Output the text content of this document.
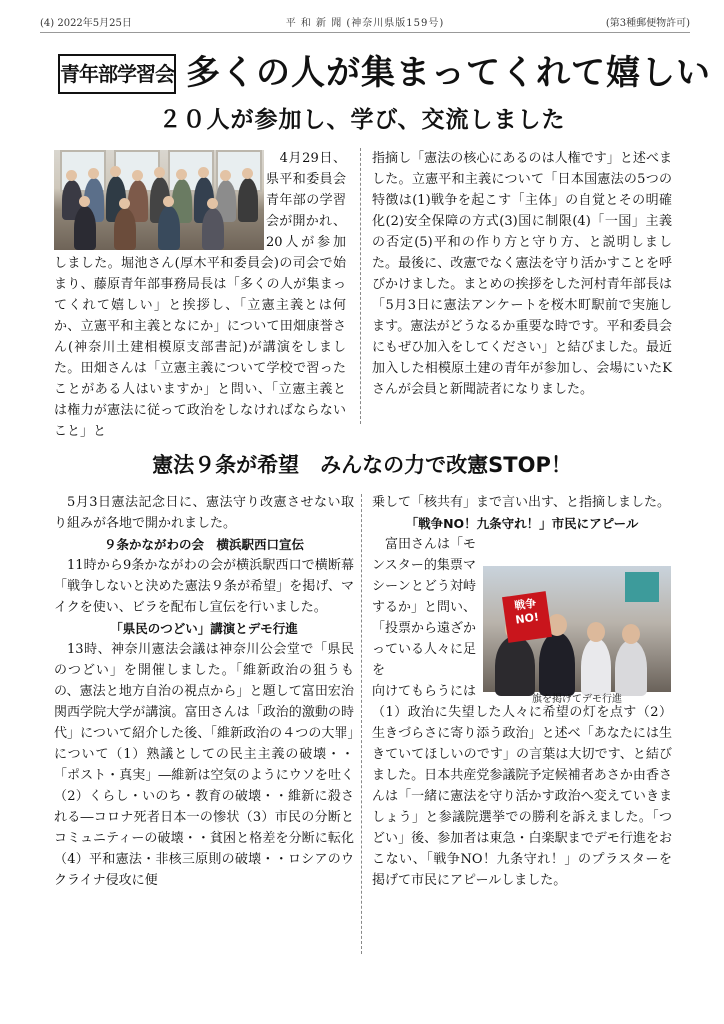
(4) 2022年5月25日	平 和 新 聞 (神奈川県版159号)	(第3種郵便物許可)
青年部学習会 多くの人が集まってくれて嬉しい
２０人が参加し、学び、交流しました

　4月29日、県平和委員会青年部の学習会が開かれ、20人が参加しました。堀池さん(厚木平和委員会)の司会で始まり、藤原青年部事務局長は「多くの人が集まってくれて嬉しい」と挨拶し、「立憲主義とは何か、立憲平和主義となにか」について田畑康誉さん(神奈川土建相模原支部書記)が講演をしました。田畑さんは「立憲主義について学校で習ったことがある人はいますか」と問い、「立憲主義とは権力が憲法に従って政治をしなければならないこと」と

指摘し「憲法の核心にあるのは人権です」と述べました。立憲平和主義について「日本国憲法の5つの特徴は(1)戦争を起こす「主体」の自覚とその明確化(2)安全保障の方式(3)国に制限(4)「一国」主義の否定(5)平和の作り方と守り方、と説明しました。最後に、改憲でなく憲法を守り活かすことを呼びかけました。まとめの挨拶をした河村青年部長は「5月3日に憲法アンケートを桜木町駅前で実施します。憲法がどうなるか重要な時です。平和委員会にもぜひ加入をしてください」と結びました。最近加入した相模原土建の青年が参加し、会場にいたKさんが会員と新聞読者になりました。

憲法９条が希望　みんなの力で改憲STOP！

5月3日憲法記念日に、憲法守り改憲させない取り組みが各地で開かれました。

９条かながわの会　横浜駅西口宣伝

11時から9条かながわの会が横浜駅西口で横断幕「戦争しないと決めた憲法９条が希望」を掲げ、マイクを使い、ビラを配布し宣伝を行いました。

「県民のつどい」講演とデモ行進

13時、神奈川憲法会議は神奈川公会堂で「県民のつどい」を開催しました。「維新政治の狙うもの、憲法と地方自治の視点から」と題して富田宏治関西学院大学が講演。富田さんは「政治的激動の時代」について紹介した後、「維新政治の４つの大罪」について（1）熟議としての民主主義の破壊・・「ポスト・真実」―維新は空気のようにウソを吐く（2）くらし・いのち・教育の破壊・・維新に殺される―コロナ死者日本一の惨状（3）市民の分断とコミュニティーの破壊・・貧困と格差を分断に転化（4）平和憲法・非核三原則の破壊・・ロシアのウクライナ侵攻に便

乗して「核共有」まで言い出す、と指摘しました。

「戦争NO！九条守れ！」市民にアピール

富田さんは「モンスター的集票マシーンとどう対峙するか」と問い、「投票から遠ざかっている人々に足を

向けてもらうには（1）政治に失望した人々に希望の灯を点す（2）生きづらさに寄り添う政治」と述べ「あなたには生きていてほしいのです」の言葉は大切です、と結びました。日本共産党参議院予定候補者あさか由香さんは「一緒に憲法を守り活かす政治へ変えていきましょう」と参議院選挙での勝利を訴えました。「つどい」後、参加者は東急・白楽駅までデモ行進をおこない、「戦争NO！九条守れ！」のプラスターを掲げて市民にアピールしました。

戦争NO!
旗を掲げてデモ行進
